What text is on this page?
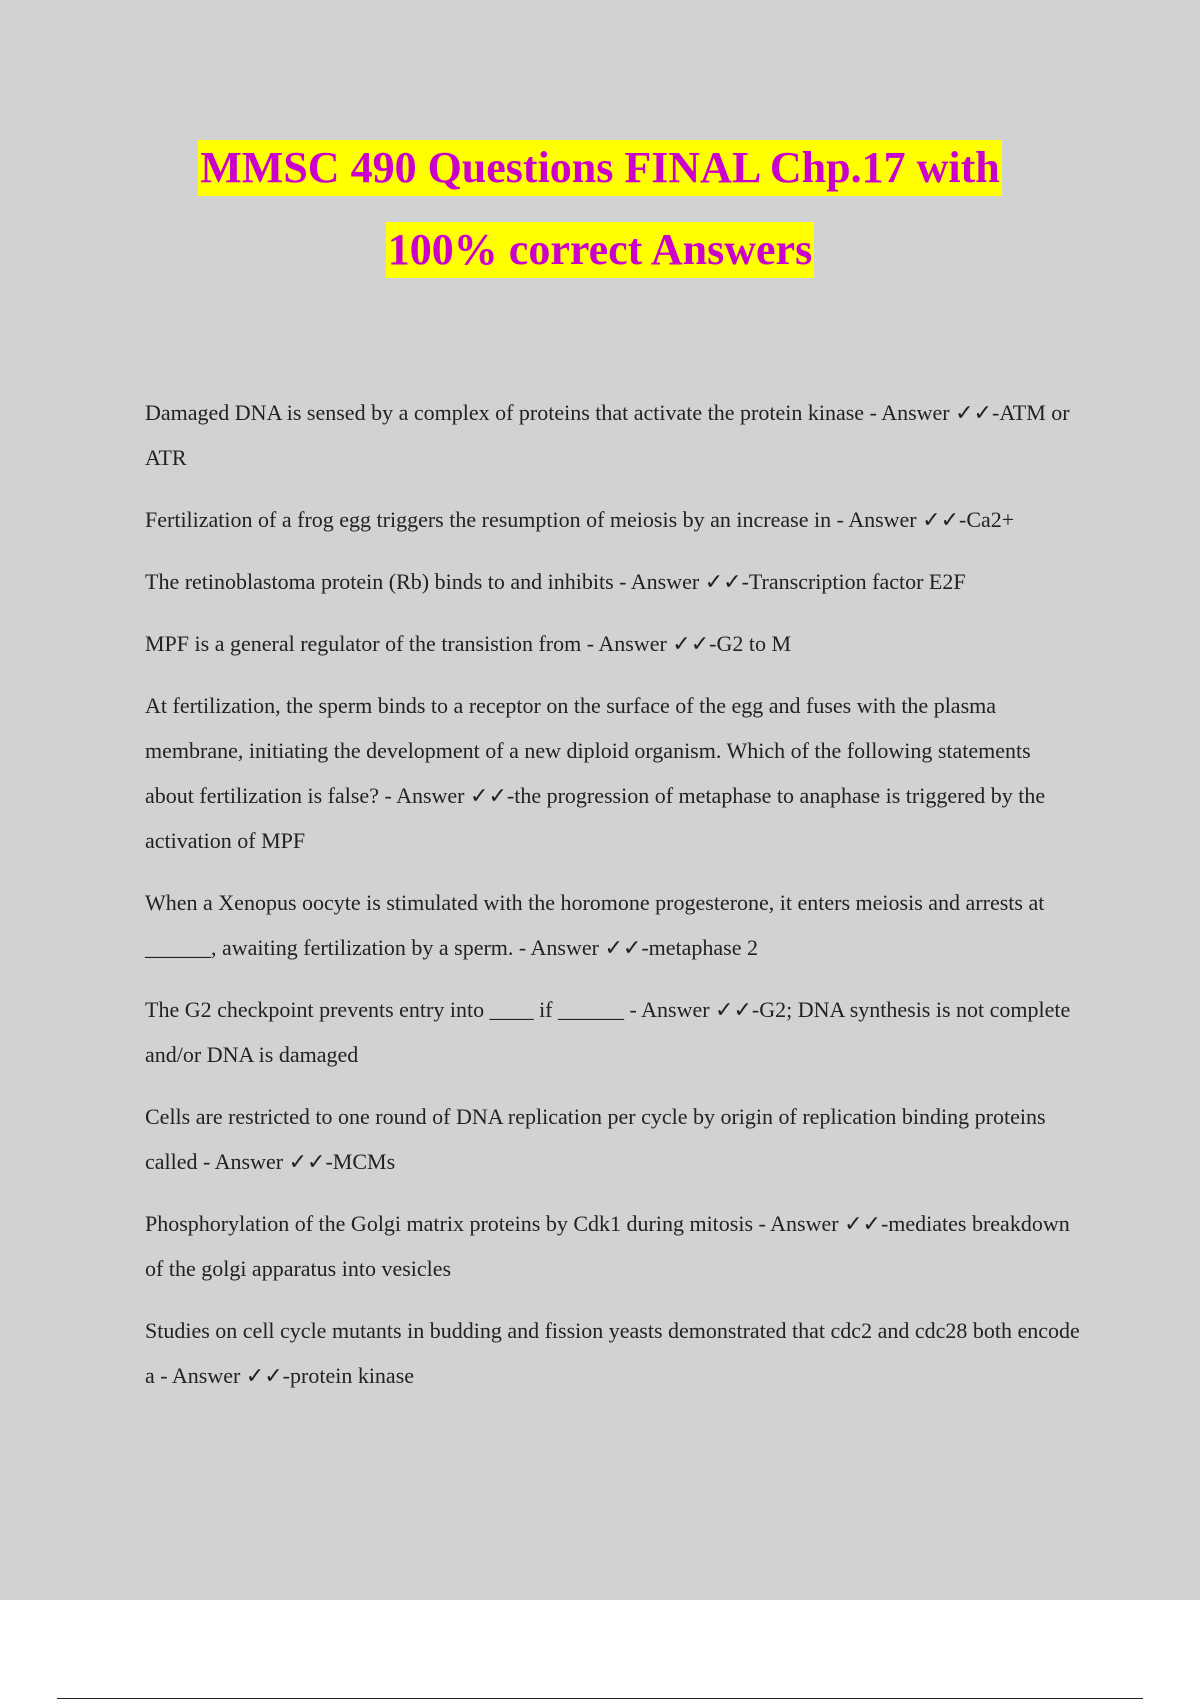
MMSC 490 Questions FINAL Chp.17 with
100% correct Answers

Damaged DNA is sensed by a complex of proteins that activate the protein kinase - Answer ✓✓-ATM or ATR

Fertilization of a frog egg triggers the resumption of meiosis by an increase in - Answer ✓✓-Ca2+

The retinoblastoma protein (Rb) binds to and inhibits - Answer ✓✓-Transcription factor E2F

MPF is a general regulator of the transistion from - Answer ✓✓-G2 to M

At fertilization, the sperm binds to a receptor on the surface of the egg and fuses with the plasma membrane, initiating the development of a new diploid organism. Which of the following statements about fertilization is false? - Answer ✓✓-the progression of metaphase to anaphase is triggered by the activation of MPF

When a Xenopus oocyte is stimulated with the horomone progesterone, it enters meiosis and arrests at ______, awaiting fertilization by a sperm. - Answer ✓✓-metaphase 2

The G2 checkpoint prevents entry into ____ if ______ - Answer ✓✓-G2; DNA synthesis is not complete and/or DNA is damaged

Cells are restricted to one round of DNA replication per cycle by origin of replication binding proteins called - Answer ✓✓-MCMs

Phosphorylation of the Golgi matrix proteins by Cdk1 during mitosis - Answer ✓✓-mediates breakdown of the golgi apparatus into vesicles

Studies on cell cycle mutants in budding and fission yeasts demonstrated that cdc2 and cdc28 both encode a - Answer ✓✓-protein kinase
